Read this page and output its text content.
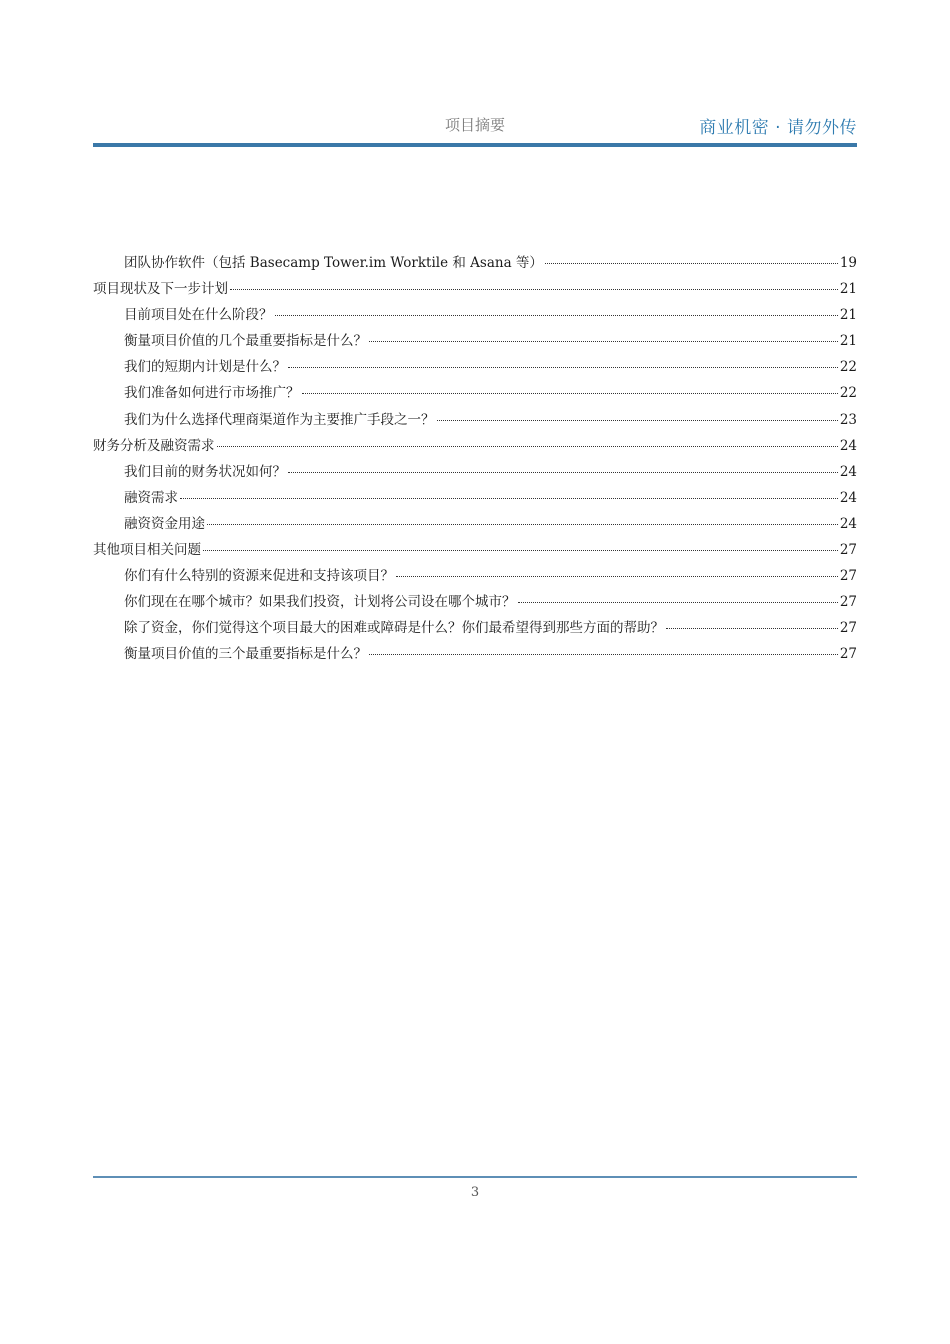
项目摘要	商业机密 · 请勿外传
团队协作软件（包括 Basecamp Tower.im Worktile 和 Asana 等）	19
项目现状及下一步计划	21
目前项目处在什么阶段？	21
衡量项目价值的几个最重要指标是什么？	21
我们的短期内计划是什么？	22
我们准备如何进行市场推广？	22
我们为什么选择代理商渠道作为主要推广手段之一？	23
财务分析及融资需求	24
我们目前的财务状况如何？	24
融资需求	24
融资资金用途	24
其他项目相关问题	27
你们有什么特别的资源来促进和支持该项目？	27
你们现在在哪个城市？如果我们投资，计划将公司设在哪个城市？	27
除了资金，你们觉得这个项目最大的困难或障碍是什么？你们最希望得到那些方面的帮助？	27
衡量项目价值的三个最重要指标是什么？	27
3
